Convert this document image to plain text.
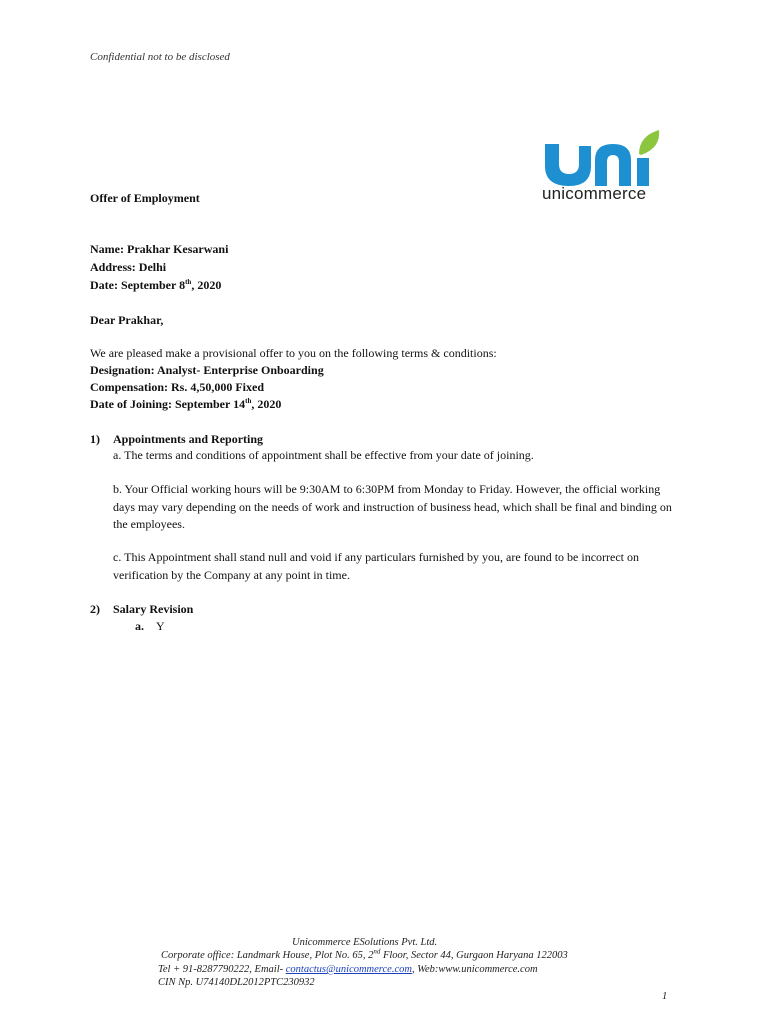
Confidential not to be disclosed
unicommerce
Offer of Employment
Name: Prakhar Kesarwani
Address: Delhi
Date: September 8th, 2020
Dear Prakhar,
We are pleased make a provisional offer to you on the following terms & conditions:
Designation: Analyst- Enterprise Onboarding
Compensation: Rs. 4,50,000 Fixed
Date of Joining: September 14th, 2020
1) Appointments and Reporting
a. The terms and conditions of appointment shall be effective from your date of joining.
b. Your Official working hours will be 9:30AM to 6:30PM from Monday to Friday. However, the official working days may vary depending on the needs of work and instruction of business head, which shall be final and binding on the employees.
c. This Appointment shall stand null and void if any particulars furnished by you, are found to be incorrect on verification by the Company at any point in time.
2) Salary Revision
a. Y
Unicommerce ESolutions Pvt. Ltd.
Corporate office: Landmark House, Plot No. 65, 2nd Floor, Sector 44, Gurgaon Haryana 122003
Tel + 91-8287790222, Email- contactus@unicommerce.com, Web:www.unicommerce.com
CIN Np. U74140DL2012PTC230932
1
